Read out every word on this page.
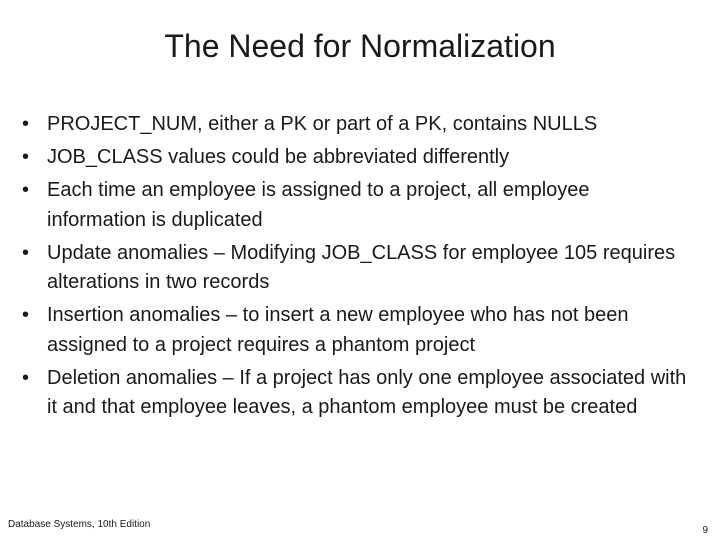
The Need for Normalization
• PROJECT_NUM, either a PK or part of a PK, contains NULLS
• JOB_CLASS values could be abbreviated differently
• Each time an employee is assigned to a project, all employee information is duplicated
• Update anomalies – Modifying JOB_CLASS for employee 105 requires alterations in two records
• Insertion anomalies – to insert a new employee who has not been assigned to a project requires a phantom project
• Deletion anomalies – If a project has only one employee associated with it and that employee leaves, a phantom employee must be created
Database Systems, 10th Edition
9
